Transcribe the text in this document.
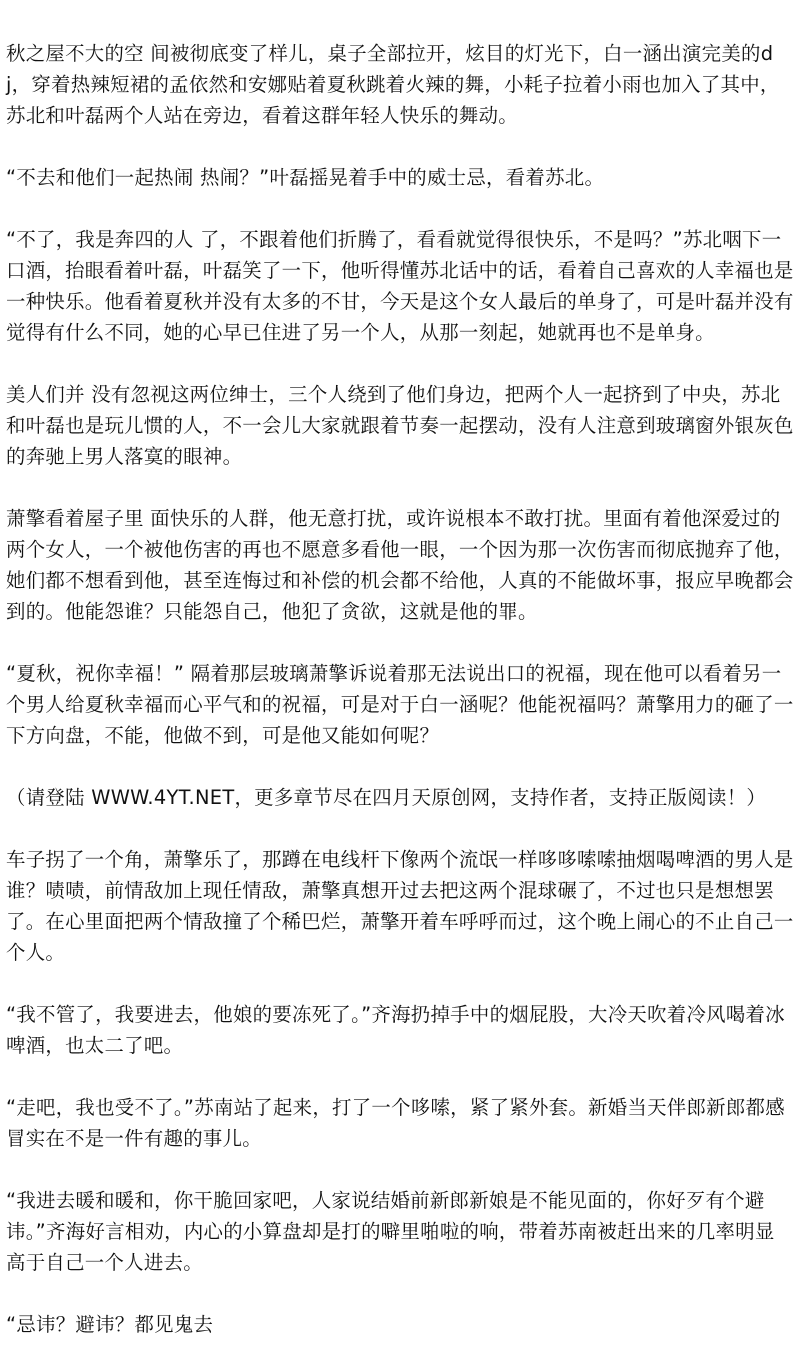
秋之屋不大的空 间被彻底变了样儿，桌子全部拉开，炫目的灯光下，白一涵出演完美的dj，穿着热辣短裙的孟依然和安娜贴着夏秋跳着火辣的舞，小耗子拉着小雨也加入了其中，苏北和叶磊两个人站在旁边，看着这群年轻人快乐的舞动。

“不去和他们一起热闹 热闹？”叶磊摇晃着手中的威士忌，看着苏北。

“不了，我是奔四的人 了，不跟着他们折腾了，看看就觉得很快乐，不是吗？”苏北咽下一口酒，抬眼看着叶磊，叶磊笑了一下，他听得懂苏北话中的话，看着自己喜欢的人幸福也是一种快乐。他看着夏秋并没有太多的不甘，今天是这个女人最后的单身了，可是叶磊并没有觉得有什么不同，她的心早已住进了另一个人，从那一刻起，她就再也不是单身。

美人们并 没有忽视这两位绅士，三个人绕到了他们身边，把两个人一起挤到了中央，苏北和叶磊也是玩儿惯的人，不一会儿大家就跟着节奏一起摆动，没有人注意到玻璃窗外银灰色的奔驰上男人落寞的眼神。

萧擎看着屋子里 面快乐的人群，他无意打扰，或许说根本不敢打扰。里面有着他深爱过的两个女人，一个被他伤害的再也不愿意多看他一眼，一个因为那一次伤害而彻底抛弃了他，她们都不想看到他，甚至连悔过和补偿的机会都不给他，人真的不能做坏事，报应早晚都会到的。他能怨谁？只能怨自己，他犯了贪欲，这就是他的罪。

“夏秋，祝你幸福！” 隔着那层玻璃萧擎诉说着那无法说出口的祝福，现在他可以看着另一个男人给夏秋幸福而心平气和的祝福，可是对于白一涵呢？他能祝福吗？萧擎用力的砸了一下方向盘，不能，他做不到，可是他又能如何呢？

（请登陆 WWW.4YT.NET，更多章节尽在四月天原创网，支持作者，支持正版阅读！）

车子拐了一个角，萧擎乐了，那蹲在电线杆下像两个流氓一样哆哆嗦嗦抽烟喝啤酒的男人是谁？啧啧，前情敌加上现任情敌，萧擎真想开过去把这两个混球碾了，不过也只是想想罢了。在心里面把两个情敌撞了个稀巴烂，萧擎开着车呼呼而过，这个晚上闹心的不止自己一个人。

“我不管了，我要进去，他娘的要冻死了。”齐海扔掉手中的烟屁股，大冷天吹着冷风喝着冰啤酒，也太二了吧。

“走吧，我也受不了。”苏南站了起来，打了一个哆嗦，紧了紧外套。新婚当天伴郎新郎都感冒实在不是一件有趣的事儿。

“我进去暖和暖和，你干脆回家吧，人家说结婚前新郎新娘是不能见面的，你好歹有个避讳。”齐海好言相劝，内心的小算盘却是打的噼里啪啦的响，带着苏南被赶出来的几率明显高于自己一个人进去。

“忌讳？避讳？都见鬼去
